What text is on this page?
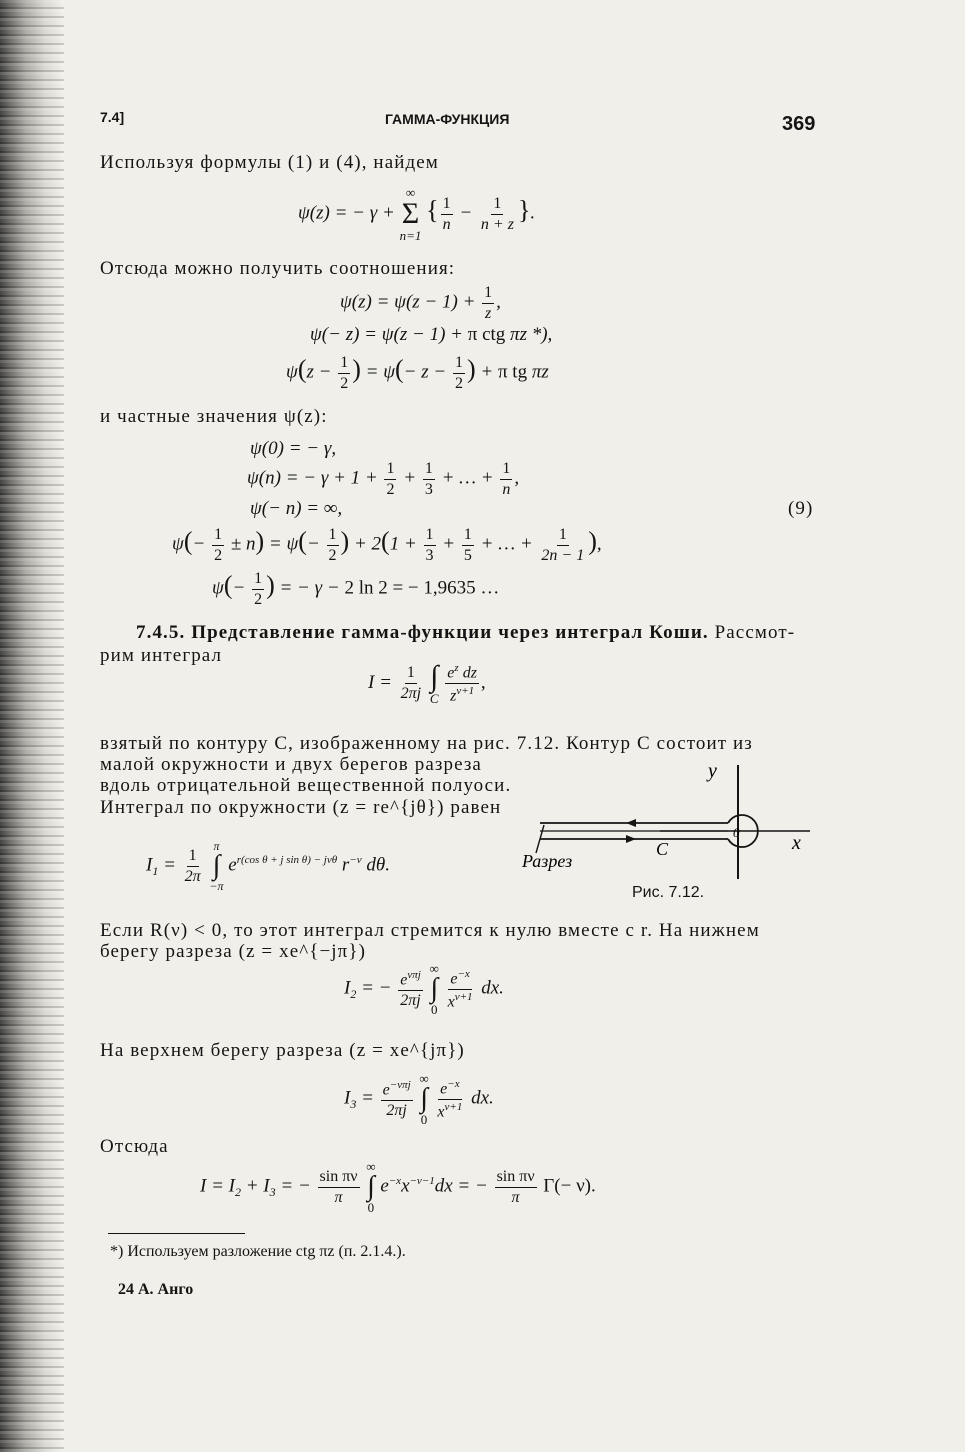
7.4]	ГАММА-ФУНКЦИЯ	369
Используя формулы (1) и (4), найдем
ψ(z) = − γ +
∞
Σ
n=1
{ $\frac{1}{n} - \frac{1}{n + z}$ }.
Отсюда можно получить соотношения:
$\psi(z) = \psi(z - 1) + \frac{1}{z}$ ,
ψ(− z) = ψ(z − 1) + π ctg πz *),
$\psi(z - \frac{1}{2}$ ) = $\psi(- z - \frac{1}{2}$ ) + π tg πz
и частные значения ψ(z):
ψ(0) = − γ,
ψ(n) = − $\gamma + 1 + \frac{1}{2} + \frac{1}{3}$ + … + $\frac{1}{n}$ ,
ψ(− n) = ∞,	(9)
$\psi(- \frac{1}{2} \pm n) = \psi(- \frac{1}{2}$ ) + $2(1 + \frac{1}{3} + \frac{1}{5}$ + … + $\frac{1}{2n - 1}$ ),
$\psi(- \frac{1}{2}$ ) = − γ − 2 ln 2 = − 1,9635 …
7.4.5. Представление гамма-функции через интеграл Коши. Рассмот-
рим интеграл
$I = \frac{1}{2\pi j}$
∫
C
$\frac{e^z dz}{z^{\nu+1}}$ ,
взятый по контуру C, изображенному на рис. 7.12. Контур C состоит из
малой окружности и двух берегов разреза
вдоль отрицательной вещественной полуоси.
Интеграл по окружности (z = re^{jθ}) равен
y
x
0
C
Разрез
Рис. 7.12.
$I_1 = \frac{1}{2\pi}$

π
∫
−π
$e^{r(cos \theta + j sin \theta) - j\nu\theta}$ $r^{-\nu}$ dθ.
Если R(ν) < 0, то этот интеграл стремится к нулю вместе с r. На нижнем
берегу разреза (z = xe^{−jπ})
$I_2$ = − $\frac{e^{\nu\pi j}}{2\pi j}$

∞
∫
0
$\frac{e^{-x}}{x^{\nu+1}}$ dx.
На верхнем берегу разреза (z = xe^{jπ})
$I_3 = \frac{e^{-\nu\pi j}}{2\pi j}$

∞
∫
0
$\frac{e^{-x}}{x^{\nu+1}}$ dx.
Отсюда
$I = I_2 + I_3$ = − $\frac{\text{sin πν}}{\pi}$

∞
∫
0
$e^{-x}x^{-\nu-1}dx$ = − $\frac{\text{sin πν}}{\pi} \Gamma(- \nu)$.
*) Используем разложение ctg πz (п. 2.1.4.).
24 А. Анго
